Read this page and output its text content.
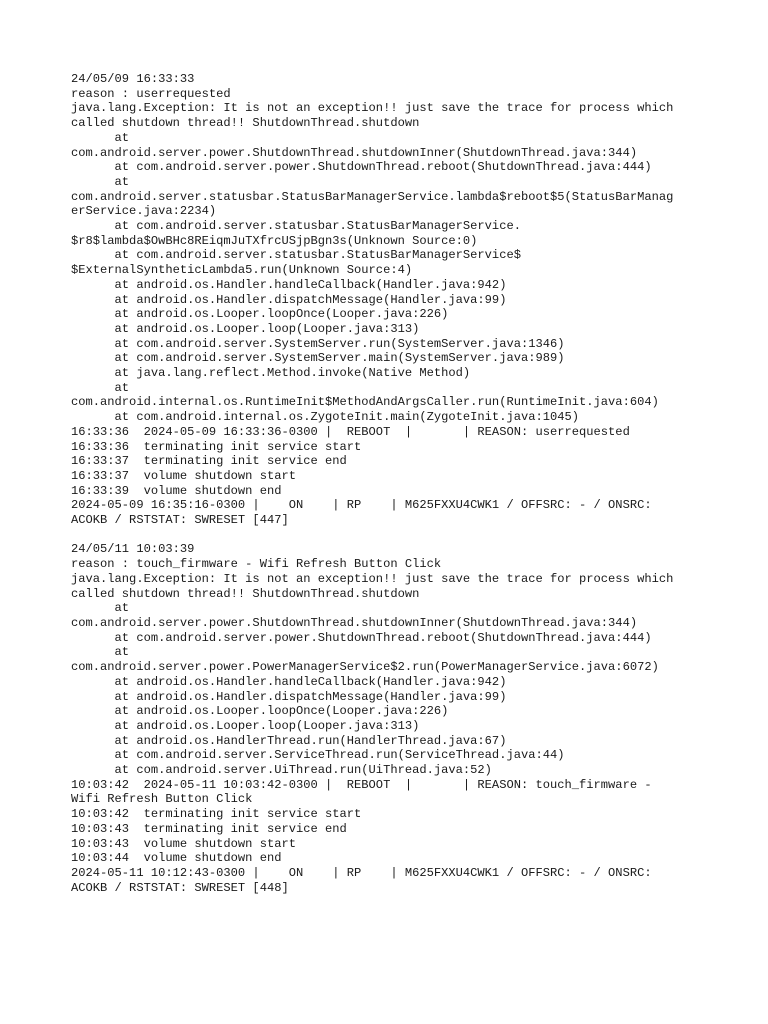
24/05/09 16:33:33
reason : userrequested
java.lang.Exception: It is not an exception!! just save the trace for process which
called shutdown thread!! ShutdownThread.shutdown
at
com.android.server.power.ShutdownThread.shutdownInner(ShutdownThread.java:344)
at com.android.server.power.ShutdownThread.reboot(ShutdownThread.java:444)
at
com.android.server.statusbar.StatusBarManagerService.lambda$reboot$5(StatusBarManag
erService.java:2234)
at com.android.server.statusbar.StatusBarManagerService.
$r8$lambda$OwBHc8REiqmJuTXfrcUSjpBgn3s(Unknown Source:0)
at com.android.server.statusbar.StatusBarManagerService$
$ExternalSyntheticLambda5.run(Unknown Source:4)
at android.os.Handler.handleCallback(Handler.java:942)
at android.os.Handler.dispatchMessage(Handler.java:99)
at android.os.Looper.loopOnce(Looper.java:226)
at android.os.Looper.loop(Looper.java:313)
at com.android.server.SystemServer.run(SystemServer.java:1346)
at com.android.server.SystemServer.main(SystemServer.java:989)
at java.lang.reflect.Method.invoke(Native Method)
at
com.android.internal.os.RuntimeInit$MethodAndArgsCaller.run(RuntimeInit.java:604)
at com.android.internal.os.ZygoteInit.main(ZygoteInit.java:1045)
16:33:36  2024-05-09 16:33:36-0300 |  REBOOT  |       | REASON: userrequested
16:33:36  terminating init service start
16:33:37  terminating init service end
16:33:37  volume shutdown start
16:33:39  volume shutdown end
2024-05-09 16:35:16-0300 |    ON    | RP    | M625FXXU4CWK1 / OFFSRC: - / ONSRC:
ACOKB / RSTSTAT: SWRESET [447]
24/05/11 10:03:39
reason : touch_firmware - Wifi Refresh Button Click
java.lang.Exception: It is not an exception!! just save the trace for process which
called shutdown thread!! ShutdownThread.shutdown
at
com.android.server.power.ShutdownThread.shutdownInner(ShutdownThread.java:344)
at com.android.server.power.ShutdownThread.reboot(ShutdownThread.java:444)
at
com.android.server.power.PowerManagerService$2.run(PowerManagerService.java:6072)
at android.os.Handler.handleCallback(Handler.java:942)
at android.os.Handler.dispatchMessage(Handler.java:99)
at android.os.Looper.loopOnce(Looper.java:226)
at android.os.Looper.loop(Looper.java:313)
at android.os.HandlerThread.run(HandlerThread.java:67)
at com.android.server.ServiceThread.run(ServiceThread.java:44)
at com.android.server.UiThread.run(UiThread.java:52)
10:03:42  2024-05-11 10:03:42-0300 |  REBOOT  |       | REASON: touch_firmware -
Wifi Refresh Button Click
10:03:42  terminating init service start
10:03:43  terminating init service end
10:03:43  volume shutdown start
10:03:44  volume shutdown end
2024-05-11 10:12:43-0300 |    ON    | RP    | M625FXXU4CWK1 / OFFSRC: - / ONSRC:
ACOKB / RSTSTAT: SWRESET [448]
